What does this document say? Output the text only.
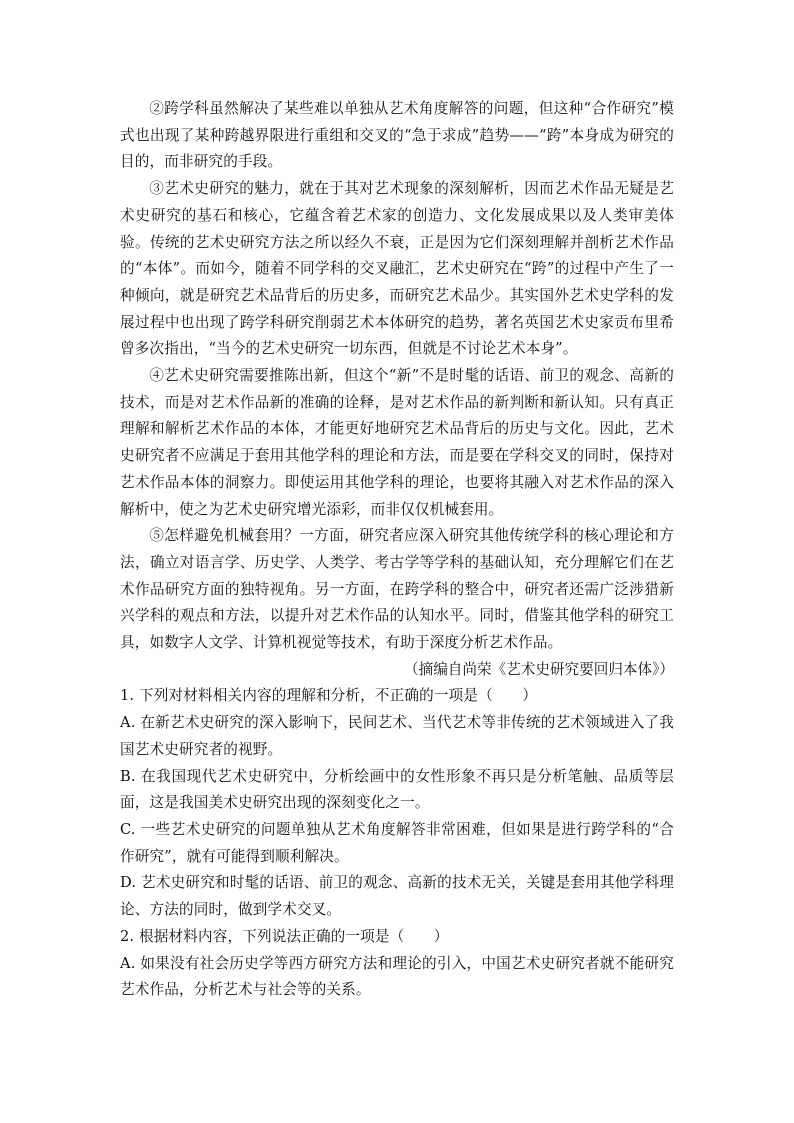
②跨学科虽然解决了某些难以单独从艺术角度解答的问题，但这种“合作研究”模式也出现了某种跨越界限进行重组和交叉的“急于求成”趋势——“跨”本身成为研究的目的，而非研究的手段。

③艺术史研究的魅力，就在于其对艺术现象的深刻解析，因而艺术作品无疑是艺术史研究的基石和核心，它蕴含着艺术家的创造力、文化发展成果以及人类审美体验。传统的艺术史研究方法之所以经久不衰，正是因为它们深刻理解并剖析艺术作品的“本体”。而如今，随着不同学科的交叉融汇，艺术史研究在“跨”的过程中产生了一种倾向，就是研究艺术品背后的历史多，而研究艺术品少。其实国外艺术史学科的发展过程中也出现了跨学科研究削弱艺术本体研究的趋势，著名英国艺术史家贡布里希曾多次指出，“当今的艺术史研究一切东西，但就是不讨论艺术本身”。

④艺术史研究需要推陈出新，但这个“新”不是时髦的话语、前卫的观念、高新的技术，而是对艺术作品新的准确的诠释，是对艺术作品的新判断和新认知。只有真正理解和解析艺术作品的本体，才能更好地研究艺术品背后的历史与文化。因此，艺术史研究者不应满足于套用其他学科的理论和方法，而是要在学科交叉的同时，保持对艺术作品本体的洞察力。即使运用其他学科的理论，也要将其融入对艺术作品的深入解析中，使之为艺术史研究增光添彩，而非仅仅机械套用。

⑤怎样避免机械套用？一方面，研究者应深入研究其他传统学科的核心理论和方法，确立对语言学、历史学、人类学、考古学等学科的基础认知，充分理解它们在艺术作品研究方面的独特视角。另一方面，在跨学科的整合中，研究者还需广泛涉猎新兴学科的观点和方法，以提升对艺术作品的认知水平。同时，借鉴其他学科的研究工具，如数字人文学、计算机视觉等技术，有助于深度分析艺术作品。

（摘编自尚荣《艺术史研究要回归本体》）

1. 下列对材料相关内容的理解和分析，不正确的一项是（　　）

A. 在新艺术史研究的深入影响下，民间艺术、当代艺术等非传统的艺术领域进入了我国艺术史研究者的视野。

B. 在我国现代艺术史研究中，分析绘画中的女性形象不再只是分析笔触、品质等层面，这是我国美术史研究出现的深刻变化之一。

C. 一些艺术史研究的问题单独从艺术角度解答非常困难，但如果是进行跨学科的“合作研究”，就有可能得到顺利解决。

D. 艺术史研究和时髦的话语、前卫的观念、高新的技术无关，关键是套用其他学科理论、方法的同时，做到学术交叉。

2. 根据材料内容，下列说法正确的一项是（　　）

A. 如果没有社会历史学等西方研究方法和理论的引入，中国艺术史研究者就不能研究艺术作品，分析艺术与社会等的关系。
